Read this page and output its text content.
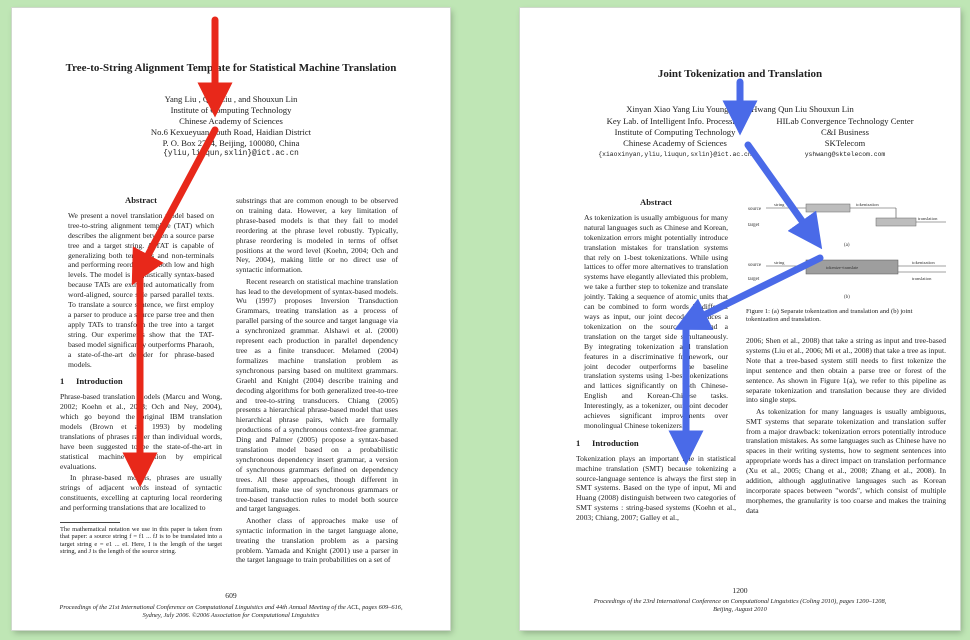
Tree-to-String Alignment Template for Statistical Machine Translation
Yang Liu , Qun Liu , and Shouxun Lin
Institute of Computing Technology
Chinese Academy of Sciences
No.6 Kexueyuan South Road, Haidian District
P. O. Box 2704, Beijing, 100080, China
{yliu,liuqun,sxlin}@ict.ac.cn
Abstract

We present a novel translation model based on tree-to-string alignment template (TAT) which describes the alignment between a source parse tree and a target string. A TAT is capable of generalizing both terminals and non-terminals and performing reordering at both low and high levels. The model is linguistically syntax-based because TATs are extracted automatically from word-aligned, source side parsed parallel texts. To translate a source sentence, we first employ a parser to produce a source parse tree and then apply TATs to transform the tree into a target string. Our experiments show that the TAT-based model significantly outperforms Pharaoh, a state-of-the-art decoder for phrase-based models.

1 Introduction

Phrase-based translation models (Marcu and Wong, 2002; Koehn et al., 2003; Och and Ney, 2004), which go beyond the original IBM translation models (Brown et al., 1993) by modeling translations of phrases rather than individual words, have been suggested to be the state-of-the-art in statistical machine translation by empirical evaluations.

In phrase-based models, phrases are usually strings of adjacent words instead of syntactic constituents, excelling at capturing local reordering and performing translations that are localized to

The mathematical notation we use in this paper is taken from that paper: a source string f = f1 ... fJ is to be translated into a target string e = e1 ... eI. Here, I is the length of the target string, and J is the length of the source string.

substrings that are common enough to be observed on training data. However, a key limitation of phrase-based models is that they fail to model reordering at the phrase level robustly. Typically, phrase reordering is modeled in terms of offset positions at the word level (Koehn, 2004; Och and Ney, 2004), making little or no direct use of syntactic information.

Recent research on statistical machine translation has lead to the development of syntax-based models. Wu (1997) proposes Inversion Transduction Grammars, treating translation as a process of parallel parsing of the source and target language via a synchronized grammar. Alshawi et al. (2000) represent each production in parallel dependency tree as a finite transducer. Melamed (2004) formalizes machine translation problem as synchronous parsing based on multitext grammars. Graehl and Knight (2004) describe training and decoding algorithms for both generalized tree-to-tree and tree-to-string transducers. Chiang (2005) presents a hierarchical phrase-based model that uses hierarchical phrase pairs, which are formally productions of a synchronous context-free grammar. Ding and Palmer (2005) propose a syntax-based translation model based on a probabilistic synchronous dependency insert grammar, a version of synchronous grammars defined on dependency trees. All these approaches, though different in formalism, make use of synchronous grammars or tree-based transduction rules to model both source and target languages.

Another class of approaches make use of syntactic information in the target language alone, treating the translation problem as a parsing problem. Yamada and Knight (2001) use a parser in the target language to train probabilities on a set of

609
Proceedings of the 21st International Conference on Computational Linguistics and 44th Annual Meeting of the ACL, pages 609–616,
Sydney, July 2006. ©2006 Association for Computational Linguistics
Joint Tokenization and Translation
Xinyan Xiao Yang Liu Young-Sook Hwang Qun Liu Shouxun Lin
Key Lab. of Intelligent Info. Processing
Institute of Computing Technology
Chinese Academy of Sciences
{xiaoxinyan,yliu,liuqun,sxlin}@ict.ac.cn
HILab Convergence Technology Center
C&I Business
SKTelecom
yshwang@sktelecom.com
Abstract

As tokenization is usually ambiguous for many natural languages such as Chinese and Korean, tokenization errors might potentially introduce translation mistakes for translation systems that rely on 1-best tokenizations. While using lattices to offer more alternatives to translation systems have elegantly alleviated this problem, we take a further step to tokenize and translate jointly. Taking a sequence of atomic units that can be combined to form words in different ways as input, our joint decoder produces a tokenization on the source side and a translation on the target side simultaneously. By integrating tokenization and translation features in a discriminative framework, our joint decoder outperforms the baseline translation systems using 1-best tokenizations and lattices significantly on both Chinese-English and Korean-Chinese tasks. Interestingly, as a tokenizer, our joint decoder achieves significant improvements over monolingual Chinese tokenizers.

1 Introduction

Tokenization plays an important role in statistical machine translation (SMT) because tokenizing a source-language sentence is always the first step in SMT systems. Based on the type of input, Mi and Huang (2008) distinguish between two categories of SMT systems : string-based systems (Koehn et al., 2003; Chiang, 2007; Galley et al.,

source
target
string	tokenization
translation
(a)
source
target
string
tokenize+translate
tokenization
translation
(b)
Figure 1: (a) Separate tokenization and translation and (b) joint tokenization and translation.

2006; Shen et al., 2008) that take a string as input and tree-based systems (Liu et al., 2006; Mi et al., 2008) that take a tree as input. Note that a tree-based system still needs to first tokenize the input sentence and then obtain a parse tree or forest of the sentence. As shown in Figure 1(a), we refer to this pipeline as separate tokenization and translation because they are divided into single steps.

As tokenization for many languages is usually ambiguous, SMT systems that separate tokenization and translation suffer from a major drawback: tokenization errors potentially introduce translation mistakes. As some languages such as Chinese have no spaces in their writing systems, how to segment sentences into appropriate words has a direct impact on translation performance (Xu et al., 2005; Chang et al., 2008; Zhang et al., 2008). In addition, although agglutinative languages such as Korean incorporate spaces between "words", which consist of multiple morphemes, the granularity is too coarse and makes the training data

1200
Proceedings of the 23rd International Conference on Computational Linguistics (Coling 2010), pages 1200–1208,
Beijing, August 2010
